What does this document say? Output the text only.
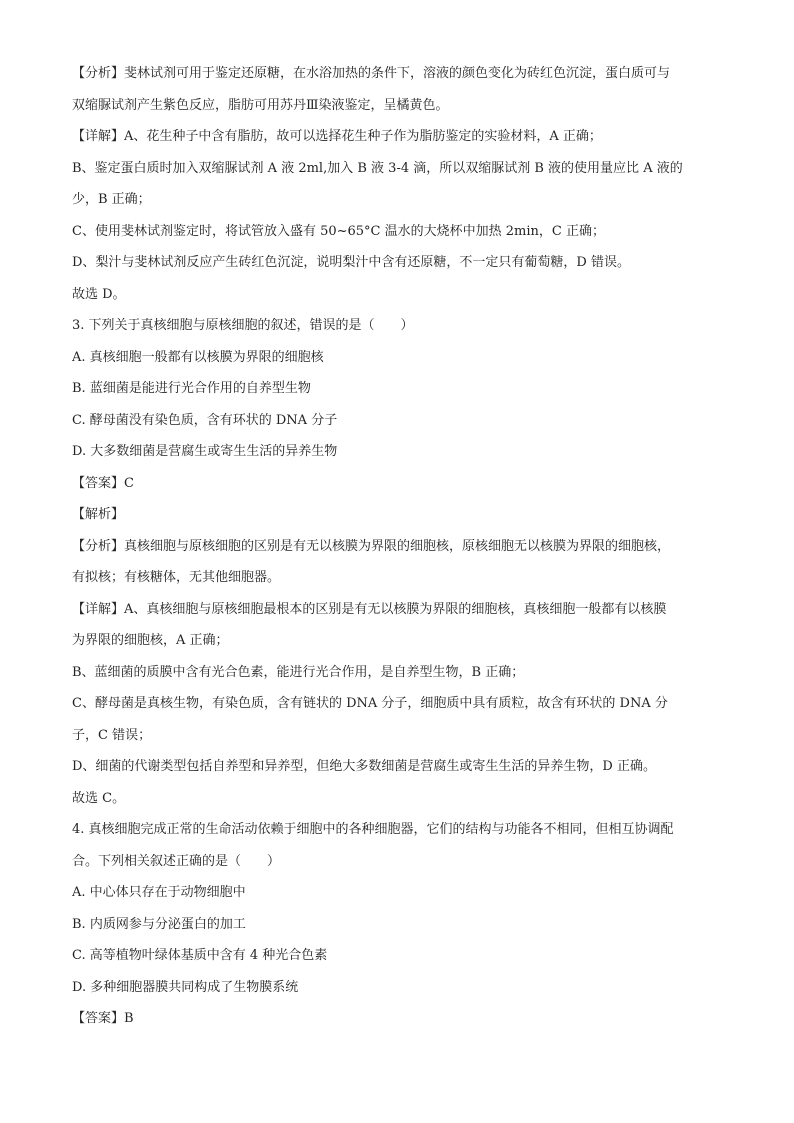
【分析】斐林试剂可用于鉴定还原糖，在水浴加热的条件下，溶液的颜色变化为砖红色沉淀，蛋白质可与
双缩脲试剂产生紫色反应，脂肪可用苏丹Ⅲ染液鉴定，呈橘黄色。
【详解】A、花生种子中含有脂肪，故可以选择花生种子作为脂肪鉴定的实验材料，A 正确；
B、鉴定蛋白质时加入双缩脲试剂 A 液 2ml,加入 B 液 3-4 滴，所以双缩脲试剂 B 液的使用量应比 A 液的
少，B 正确；
C、使用斐林试剂鉴定时，将试管放入盛有 50~65°C 温水的大烧杯中加热 2min，C 正确；
D、梨汁与斐林试剂反应产生砖红色沉淀，说明梨汁中含有还原糖，不一定只有葡萄糖，D 错误。
故选 D。
3. 下列关于真核细胞与原核细胞的叙述，错误的是（　　）
A. 真核细胞一般都有以核膜为界限的细胞核
B. 蓝细菌是能进行光合作用的自养型生物
C. 酵母菌没有染色质，含有环状的 DNA 分子
D. 大多数细菌是营腐生或寄生生活的异养生物
【答案】C
【解析】
【分析】真核细胞与原核细胞的区别是有无以核膜为界限的细胞核，原核细胞无以核膜为界限的细胞核，
有拟核；有核糖体，无其他细胞器。
【详解】A、真核细胞与原核细胞最根本的区别是有无以核膜为界限的细胞核，真核细胞一般都有以核膜
为界限的细胞核，A 正确；
B、蓝细菌的质膜中含有光合色素，能进行光合作用，是自养型生物，B 正确；
C、酵母菌是真核生物，有染色质，含有链状的 DNA 分子，细胞质中具有质粒，故含有环状的 DNA 分
子，C 错误；
D、细菌的代谢类型包括自养型和异养型，但绝大多数细菌是营腐生或寄生生活的异养生物，D 正确。
故选 C。
4. 真核细胞完成正常的生命活动依赖于细胞中的各种细胞器，它们的结构与功能各不相同，但相互协调配
合。下列相关叙述正确的是（　　）
A. 中心体只存在于动物细胞中
B. 内质网参与分泌蛋白的加工
C. 高等植物叶绿体基质中含有 4 种光合色素
D. 多种细胞器膜共同构成了生物膜系统
【答案】B
